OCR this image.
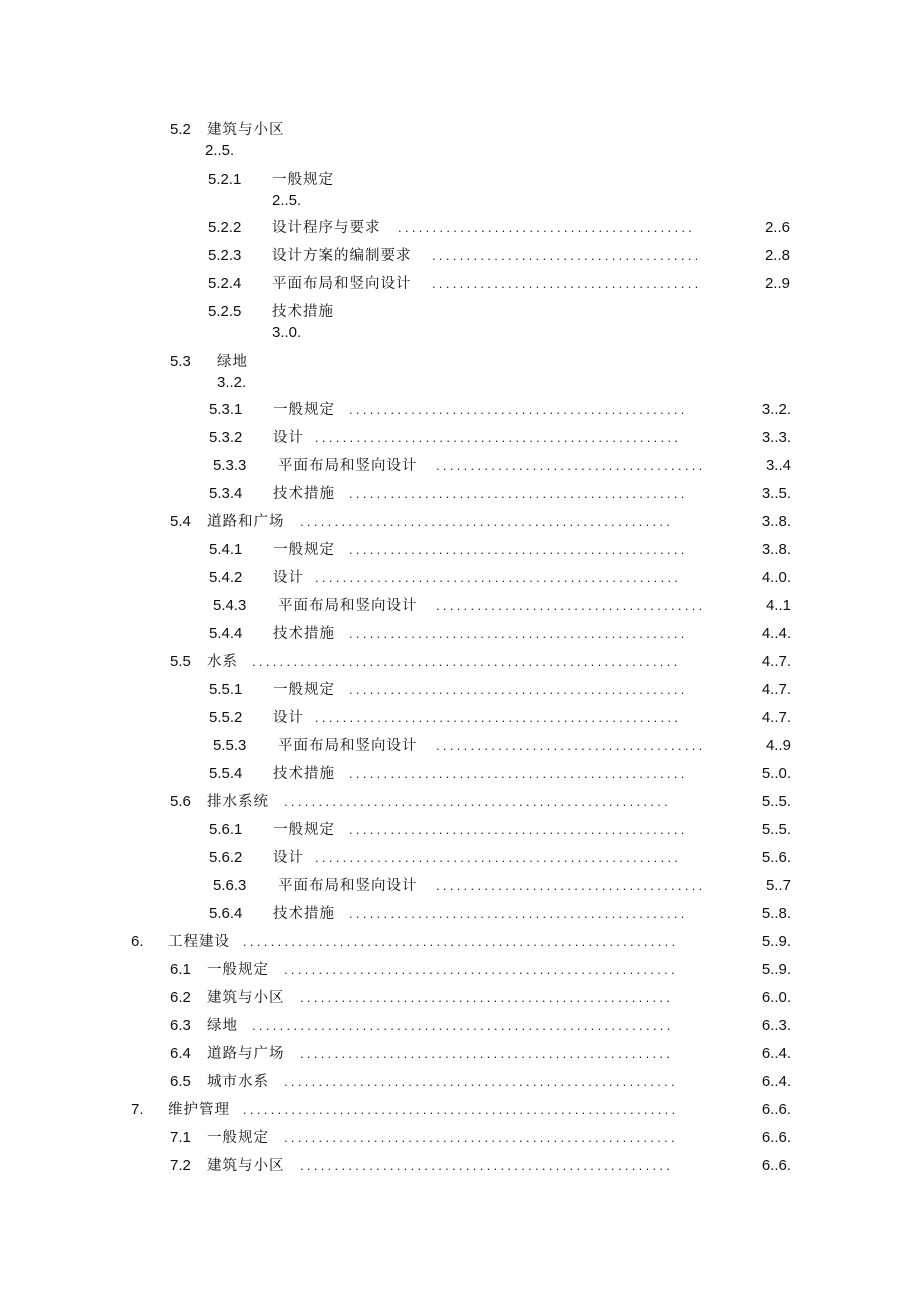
5.2 建筑与小区
2..5.
5.2.1 一般规定
2..5.
5.2.2 设计程序与要求 ...........................................	2..6
5.2.3 设计方案的编制要求 .......................................	2..8
5.2.4 平面布局和竖向设计 .......................................	2..9
5.2.5 技术措施
3..0.
5.3 绿地
3..2.
5.3.1 一般规定 .................................................	3..2.
5.3.2 设计 .....................................................	3..3.
5.3.3 平面布局和竖向设计 .......................................	3..4
5.3.4 技术措施 .................................................	3..5.
5.4 道路和广场 ......................................................	3..8.
5.4.1 一般规定 .................................................	3..8.
5.4.2 设计 .....................................................	4..0.
5.4.3 平面布局和竖向设计 .......................................	4..1
5.4.4 技术措施 .................................................	4..4.
5.5 水系 ..............................................................	4..7.
5.5.1 一般规定 .................................................	4..7.
5.5.2 设计 .....................................................	4..7.
5.5.3 平面布局和竖向设计 .......................................	4..9
5.5.4 技术措施 .................................................	5..0.
5.6 排水系统 ........................................................	5..5.
5.6.1 一般规定 .................................................	5..5.
5.6.2 设计 .....................................................	5..6.
5.6.3 平面布局和竖向设计 .......................................	5..7
5.6.4 技术措施 .................................................	5..8.
6. 工程建设 ...............................................................	5..9.
6.1 一般规定 .........................................................	5..9.
6.2 建筑与小区 ......................................................	6..0.
6.3 绿地 .............................................................	6..3.
6.4 道路与广场 ......................................................	6..4.
6.5 城市水系 .........................................................	6..4.
7. 维护管理 ...............................................................	6..6.
7.1 一般规定 .........................................................	6..6.
7.2 建筑与小区 ......................................................	6..6.
